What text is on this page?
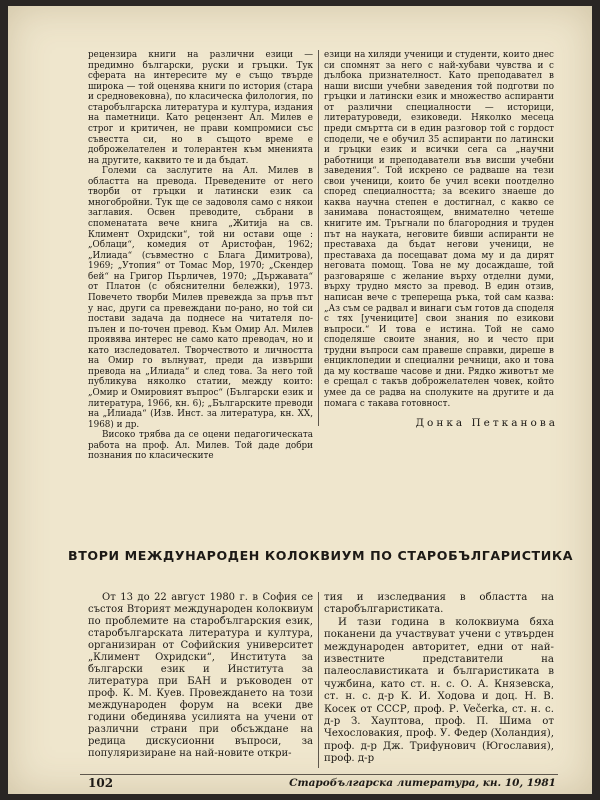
рецензира книги на различни езици — предимно български, руски и гръцки. Тук сферата на интересите му е също твърде широка — той оценява книги по история (стара и средновековна), по класическа филология, по старобългарска литература и култура, издания на паметници. Като рецензент Ал. Милев е строг и критичен, не прави компромиси със съвестта си, но в същото време е доброжелателен и толерантен към мненията на другите, каквито те и да бъдат.

Големи са заслугите на Ал. Милев в областта на превода. Преведените от него творби от гръцки и латински език са многобройни. Тук ще се задоволя само с някои заглавия. Освен преводите, събрани в споменатата вече книга „Житиjа на св. Климент Охридски“, той ни остави още : „Облаци“, комедия от Аристофан, 1962; „Илиада“ (съвместно с Блага Димитрова), 1969; „Утопия“ от Томас Мор, 1970; „Скендер бей“ на Григор Пърличев, 1970; „Държавата“ от Платон (с обяснителни бележки), 1973. Повечето творби Милев превежда за пръв път у нас, други са превеждани по-рано, но той си постави задача да поднесе на читателя по-пълен и по-точен превод. Към Омир Ал. Милев проявява интерес не само като преводач, но и като изследовател. Творчеството и личността на Омир го вълнуват, преди да извърши превода на „Илиада“ и след това. За него той публикува няколко статии, между които: „Омир и Омировият въпрос“ (Български език и литература, 1966, кн. 6); „Българските преводи на „Илиада“ (Изв. Инст. за литература, кн. XX, 1968) и др.

Високо трябва да се оцени педагогическата работа на проф. Ал. Милев. Той даде добри познания по класическите

езици на хиляди ученици и студенти, които днес си спомнят за него с най-хубави чувства и с дълбока признателност. Като преподавател в наши висши учебни заведения той подготви по гръцки и латински език и множество аспиранти от различни специалности — историци, литературоведи, езиковеди. Няколко месеца преди смъртта си в един разговор той с гордост сподели, че е обучил 35 аспиранти по латински и гръцки език и всички сега са „научни работници и преподаватели във висши учебни заведения“. Той искрено се радваше на тези свои ученици, които бе учил всеки поотделно според специалността; за всекиго знаеше до каква научна степен е достигнал, с какво се занимава понастоящем, внимателно четеше книгите им. Тръгнали по благородния и труден път на науката, неговите бивши аспиранти не преставаха да бъдат негови ученици, не преставаха да посещават дома му и да дирят неговата помощ. Това не му досаждаше, той разговаряше с желание върху отделни думи, върху трудно място за превод. В един отзив, написан вече с трепереща ръка, той сам казва: „Аз съм се радвал и винаги съм готов да споделя с тях [учениците] свои знания по езикови въпроси.“ И това е истина. Той не само споделяше своите знания, но и често при трудни въпроси сам правеше справки, диреше в енциклопедии и специални речници, ако и това да му костваше часове и дни. Рядко животът ме е срещал с такъв доброжелателен човек, който умее да се радва на сполуките на другите и да помага с такава готовност.

Донка Петканова
ВТОРИ МЕЖДУНАРОДЕН КОЛОКВИУМ ПО СТАРОБЪЛГАРИСТИКА

От 13 до 22 август 1980 г. в София се състоя Вторият международен колоквиум по проблемите на старобългарския език, старобългарската литература и култура, организиран от Софийския университет „Климент Охридски“, Института за български език и Института за литература при БАН и ръководен от проф. К. М. Куев. Провеждането на този международен форум на всеки две години обединява усилията на учени от различни страни при обсъждане на редица дискусионни въпроси, за популяризиране на най-новите откри-

тия и изследвания в областта на старобългаристиката.

И тази година в колоквиума бяха поканени да участвуват учени с утвърден международен авторитет, едни от най-известните представители на палеославистиката и българистиката в чужбина, като ст. н. с. О. А. Князевска, ст. н. с. д-р К. И. Ходова и доц. Н. В. Косек от СССР, проф. Р. Večerka, ст. н. с. д-р З. Хауптова, проф. П. Шима от Чехословакия, проф. У. Федер (Холандия), проф. д-р Дж. Трифунович (Югославия), проф. д-р

102	Старобългарска литература, кн. 10, 1981
